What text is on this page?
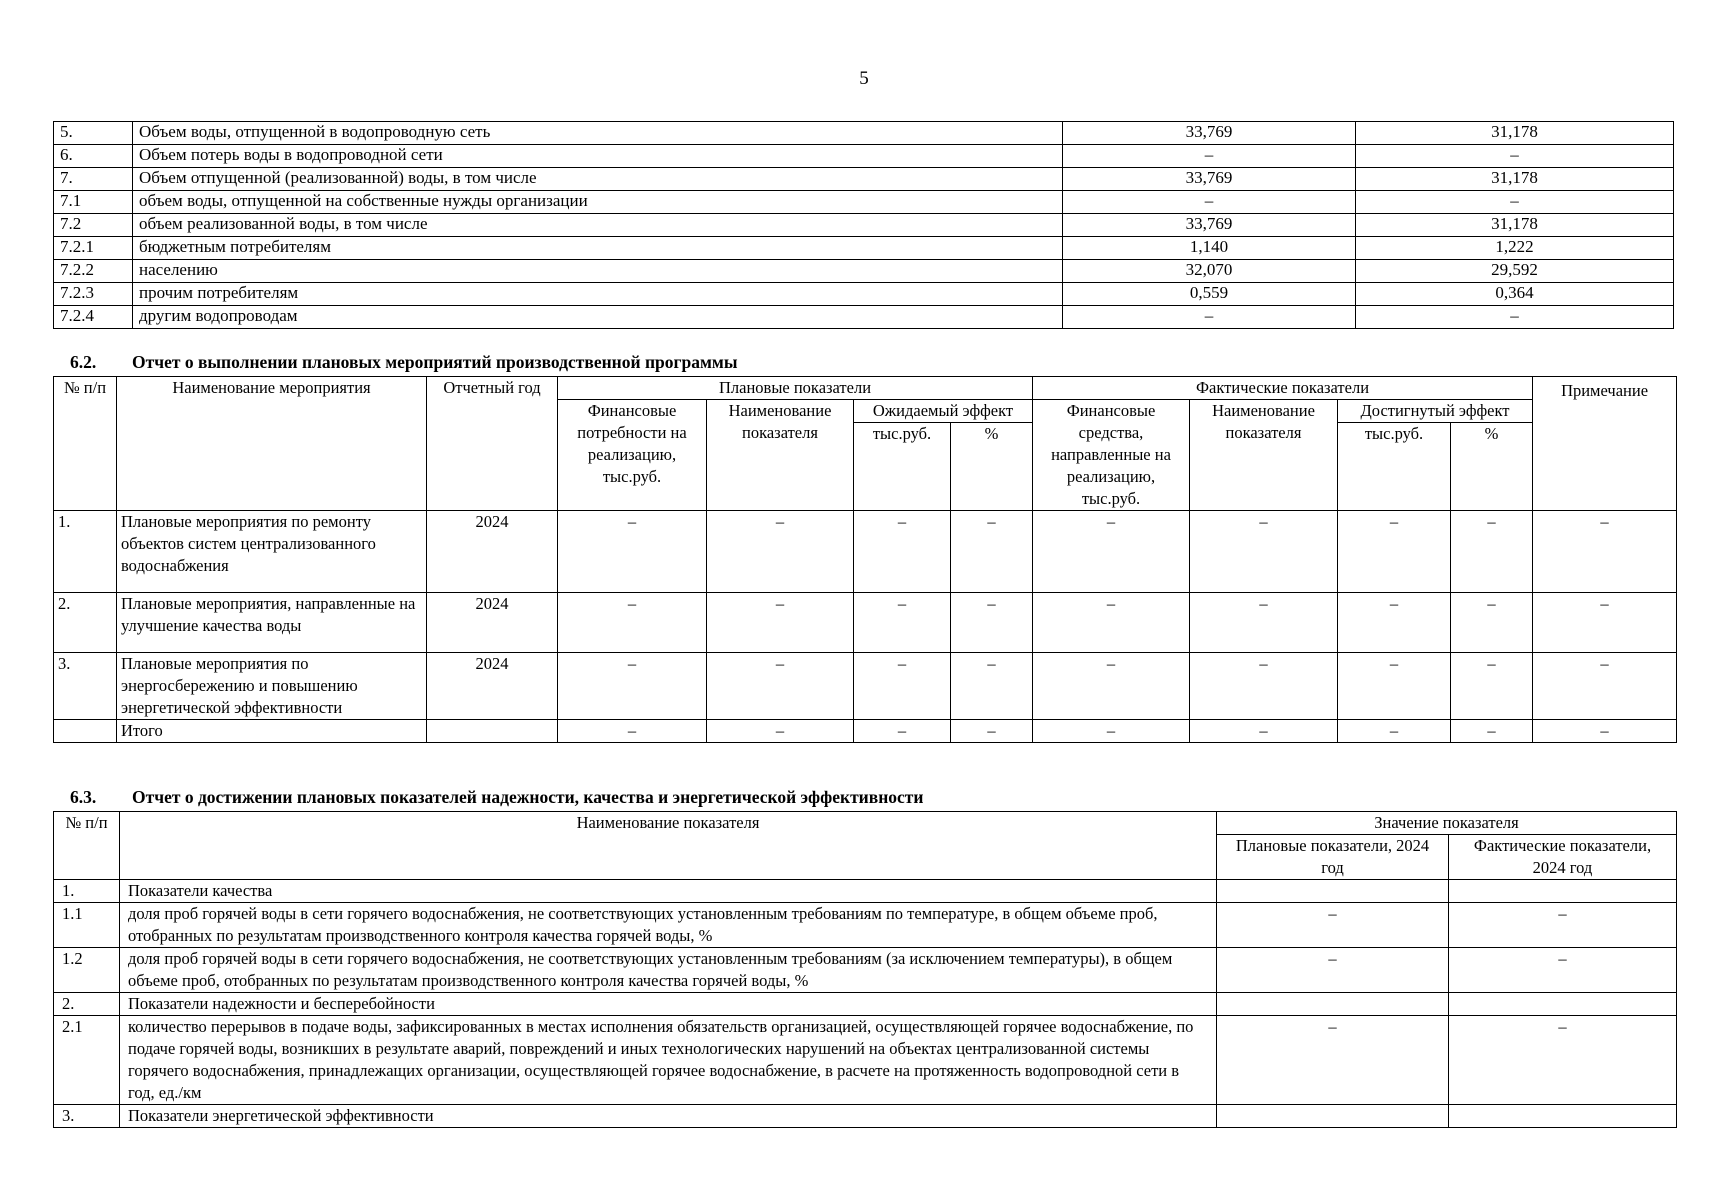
5
5.	Объем воды, отпущенной в водопроводную сеть	33,769	31,178
6.	Объем потерь воды в водопроводной сети	–	–
7.	Объем отпущенной (реализованной) воды, в том числе	33,769	31,178
7.1	объем воды, отпущенной на собственные нужды организации	–	–
7.2	объем реализованной воды, в том числе	33,769	31,178
7.2.1	бюджетным потребителям	1,140	1,222
7.2.2	населению	32,070	29,592
7.2.3	прочим потребителям	0,559	0,364
7.2.4	другим водопроводам	–	–
6.2. Отчет о выполнении плановых мероприятий производственной программы
№ п/п	Наименование мероприятия	Отчетный год	Плановые показатели				Фактические показатели				Примечание
			Финансовые потребности на реализацию, тыс.руб.	Наименование показателя	Ожидаемый эффект		Финансовые средства, направленные на реализацию, тыс.руб.	Наименование показателя	Достигнутый эффект		
					тыс.руб.	%			тыс.руб.	%	
1.	Плановые мероприятия по ремонту объектов систем централизованного водоснабжения	2024	–	–	–	–	–	–	–	–	–
2.	Плановые мероприятия, направленные на улучшение качества воды	2024	–	–	–	–	–	–	–	–	–
3.	Плановые мероприятия по энергосбережению и повышению энергетической эффективности	2024	–	–	–	–	–	–	–	–	–
	Итого		–	–	–	–	–	–	–	–	–
6.3. Отчет о достижении плановых показателей надежности, качества и энергетической эффективности
№ п/п	Наименование показателя	Значение показателя	
		Плановые показатели, 2024 год	Фактические показатели, 2024 год
1.	Показатели качества		
1.1	доля проб горячей воды в сети горячего водоснабжения, не соответствующих установленным требованиям по температуре, в общем объеме проб, отобранных по результатам производственного контроля качества горячей воды, %	–	–
1.2	доля проб горячей воды в сети горячего водоснабжения, не соответствующих установленным требованиям (за исключением температуры), в общем объеме проб, отобранных по результатам производственного контроля качества горячей воды, %	–	–
2.	Показатели надежности и бесперебойности		
2.1	количество перерывов в подаче воды, зафиксированных в местах исполнения обязательств организацией, осуществляющей горячее водоснабжение, по подаче горячей воды, возникших в результате аварий, повреждений и иных технологических нарушений на объектах централизованной системы горячего водоснабжения, принадлежащих организации, осуществляющей горячее водоснабжение, в расчете на протяженность водопроводной сети в год, ед./км	–	–
3.	Показатели энергетической эффективности		
